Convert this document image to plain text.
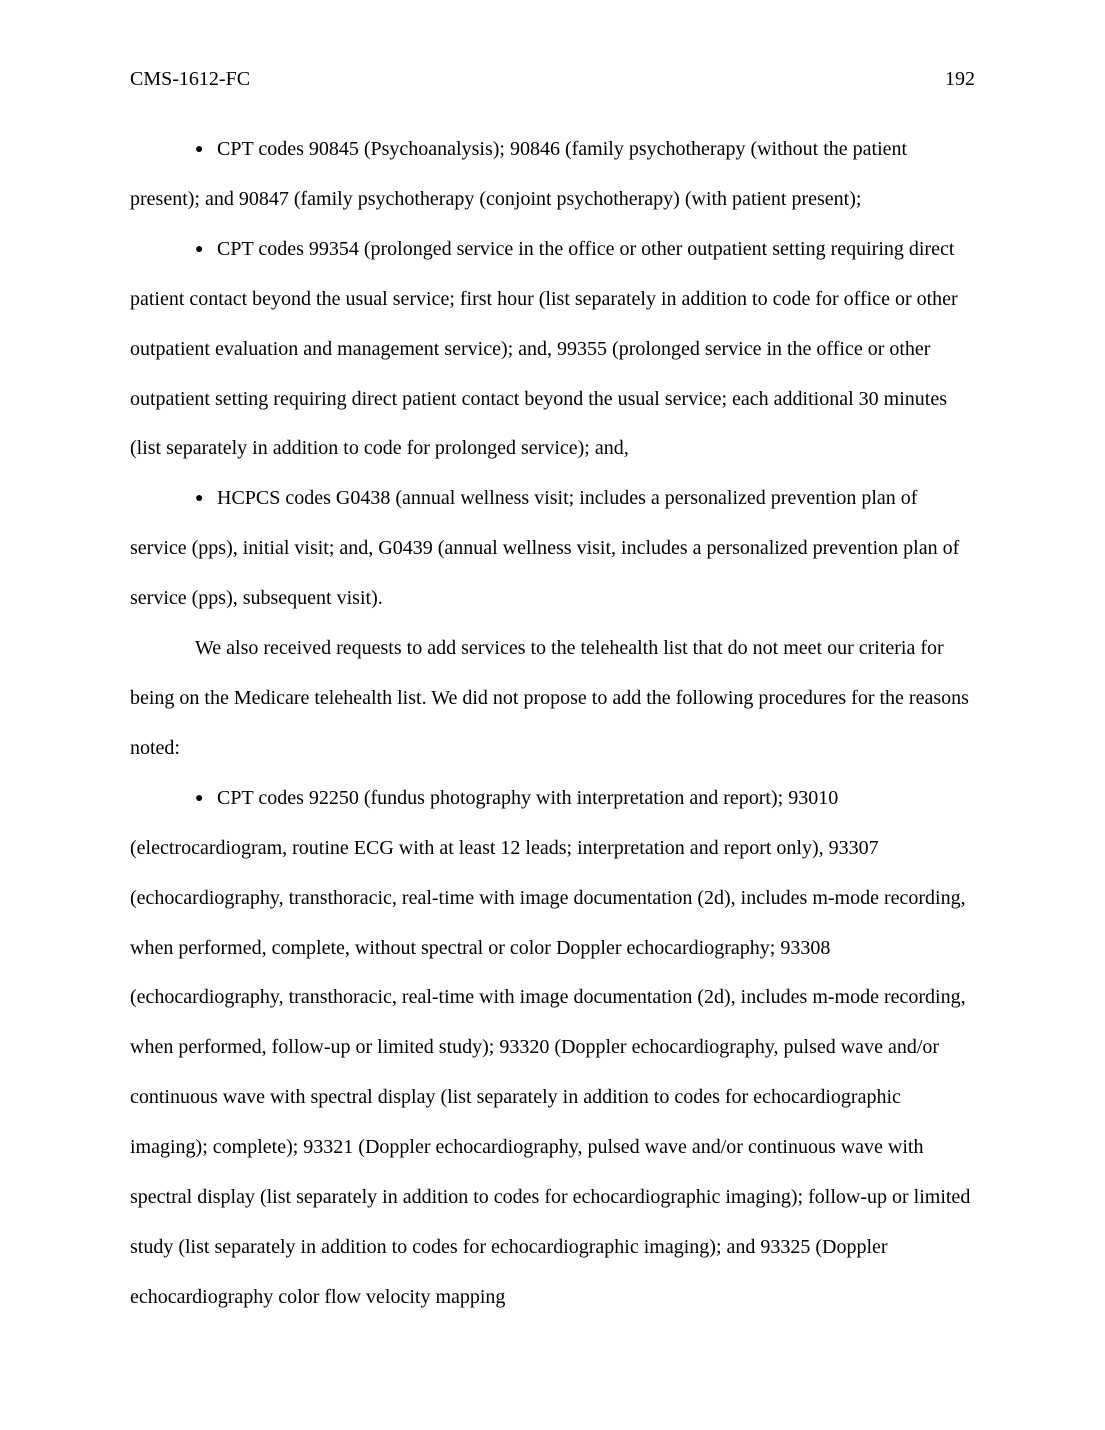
CMS-1612-FC	192

● CPT codes 90845 (Psychoanalysis); 90846 (family psychotherapy (without the patient present); and 90847 (family psychotherapy (conjoint psychotherapy) (with patient present);

● CPT codes 99354 (prolonged service in the office or other outpatient setting requiring direct patient contact beyond the usual service; first hour (list separately in addition to code for office or other outpatient evaluation and management service); and, 99355 (prolonged service in the office or other outpatient setting requiring direct patient contact beyond the usual service; each additional 30 minutes (list separately in addition to code for prolonged service); and,

● HCPCS codes G0438 (annual wellness visit; includes a personalized prevention plan of service (pps), initial visit; and, G0439 (annual wellness visit, includes a personalized prevention plan of service (pps), subsequent visit).

We also received requests to add services to the telehealth list that do not meet our criteria for being on the Medicare telehealth list. We did not propose to add the following procedures for the reasons noted:

● CPT codes 92250 (fundus photography with interpretation and report); 93010 (electrocardiogram, routine ECG with at least 12 leads; interpretation and report only), 93307 (echocardiography, transthoracic, real-time with image documentation (2d), includes m-mode recording, when performed, complete, without spectral or color Doppler echocardiography; 93308 (echocardiography, transthoracic, real-time with image documentation (2d), includes m-mode recording, when performed, follow-up or limited study); 93320 (Doppler echocardiography, pulsed wave and/or continuous wave with spectral display (list separately in addition to codes for echocardiographic imaging); complete); 93321 (Doppler echocardiography, pulsed wave and/or continuous wave with spectral display (list separately in addition to codes for echocardiographic imaging); follow-up or limited study (list separately in addition to codes for echocardiographic imaging); and 93325 (Doppler echocardiography color flow velocity mapping
